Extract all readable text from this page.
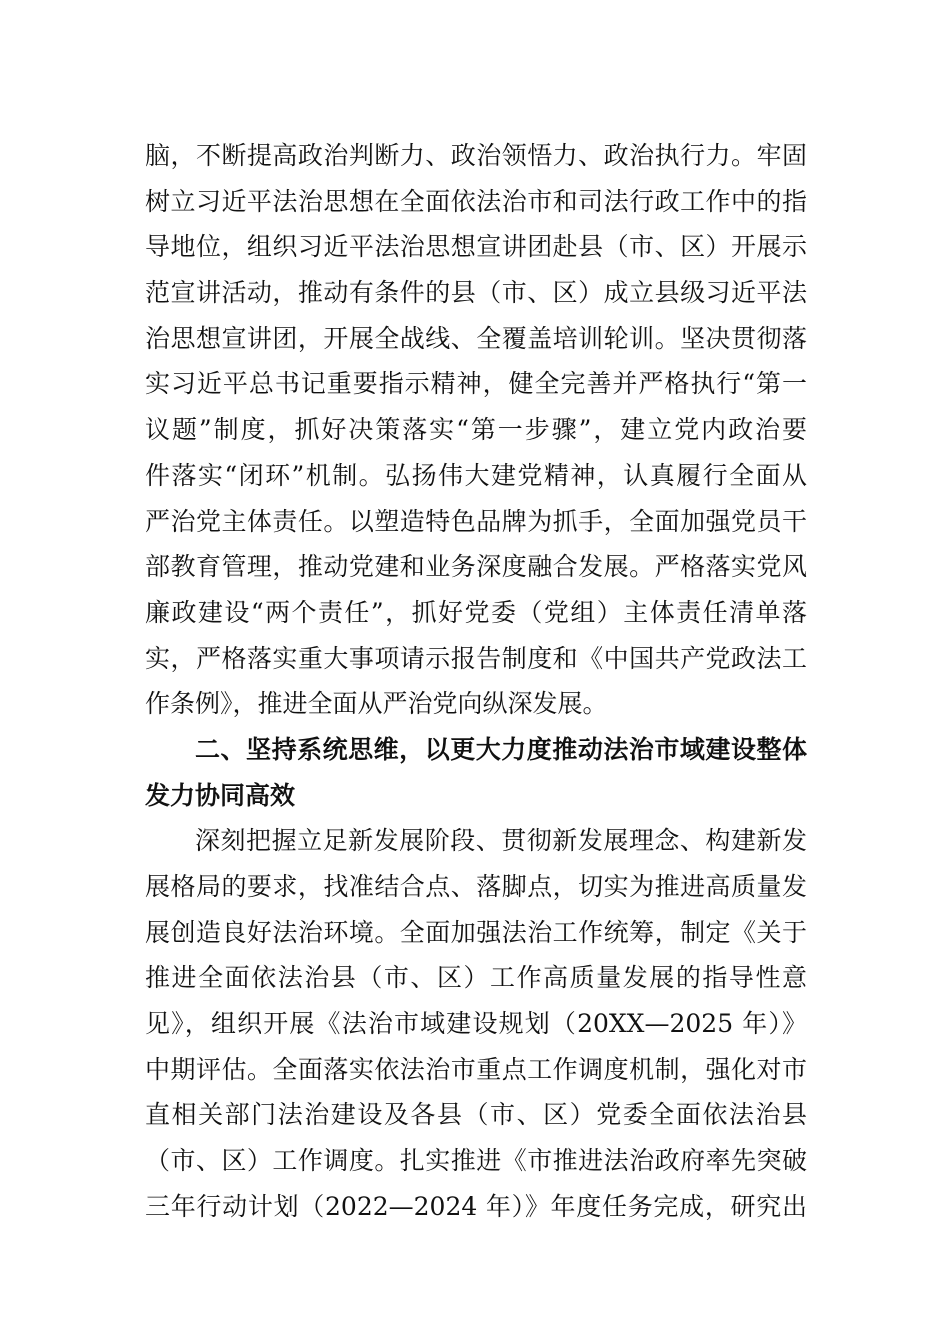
脑，不断提高政治判断力、政治领悟力、政治执行力。牢固
树立习近平法治思想在全面依法治市和司法行政工作中的指
导地位，组织习近平法治思想宣讲团赴县（市、区）开展示
范宣讲活动，推动有条件的县（市、区）成立县级习近平法
治思想宣讲团，开展全战线、全覆盖培训轮训。坚决贯彻落
实习近平总书记重要指示精神，健全完善并严格执行“第一
议题”制度，抓好决策落实“第一步骤”，建立党内政治要
件落实“闭环”机制。弘扬伟大建党精神，认真履行全面从
严治党主体责任。以塑造特色品牌为抓手，全面加强党员干
部教育管理，推动党建和业务深度融合发展。严格落实党风
廉政建设“两个责任”，抓好党委（党组）主体责任清单落
实，严格落实重大事项请示报告制度和《中国共产党政法工
作条例》，推进全面从严治党向纵深发展。
二、坚持系统思维，以更大力度推动法治市域建设整体
发力协同高效
深刻把握立足新发展阶段、贯彻新发展理念、构建新发
展格局的要求，找准结合点、落脚点，切实为推进高质量发
展创造良好法治环境。全面加强法治工作统筹，制定《关于
推进全面依法治县（市、区）工作高质量发展的指导性意
见》，组织开展《法治市域建设规划（20XX—2025 年）》
中期评估。全面落实依法治市重点工作调度机制，强化对市
直相关部门法治建设及各县（市、区）党委全面依法治县
（市、区）工作调度。扎实推进《市推进法治政府率先突破
三年行动计划（2022—2024 年）》年度任务完成，研究出
